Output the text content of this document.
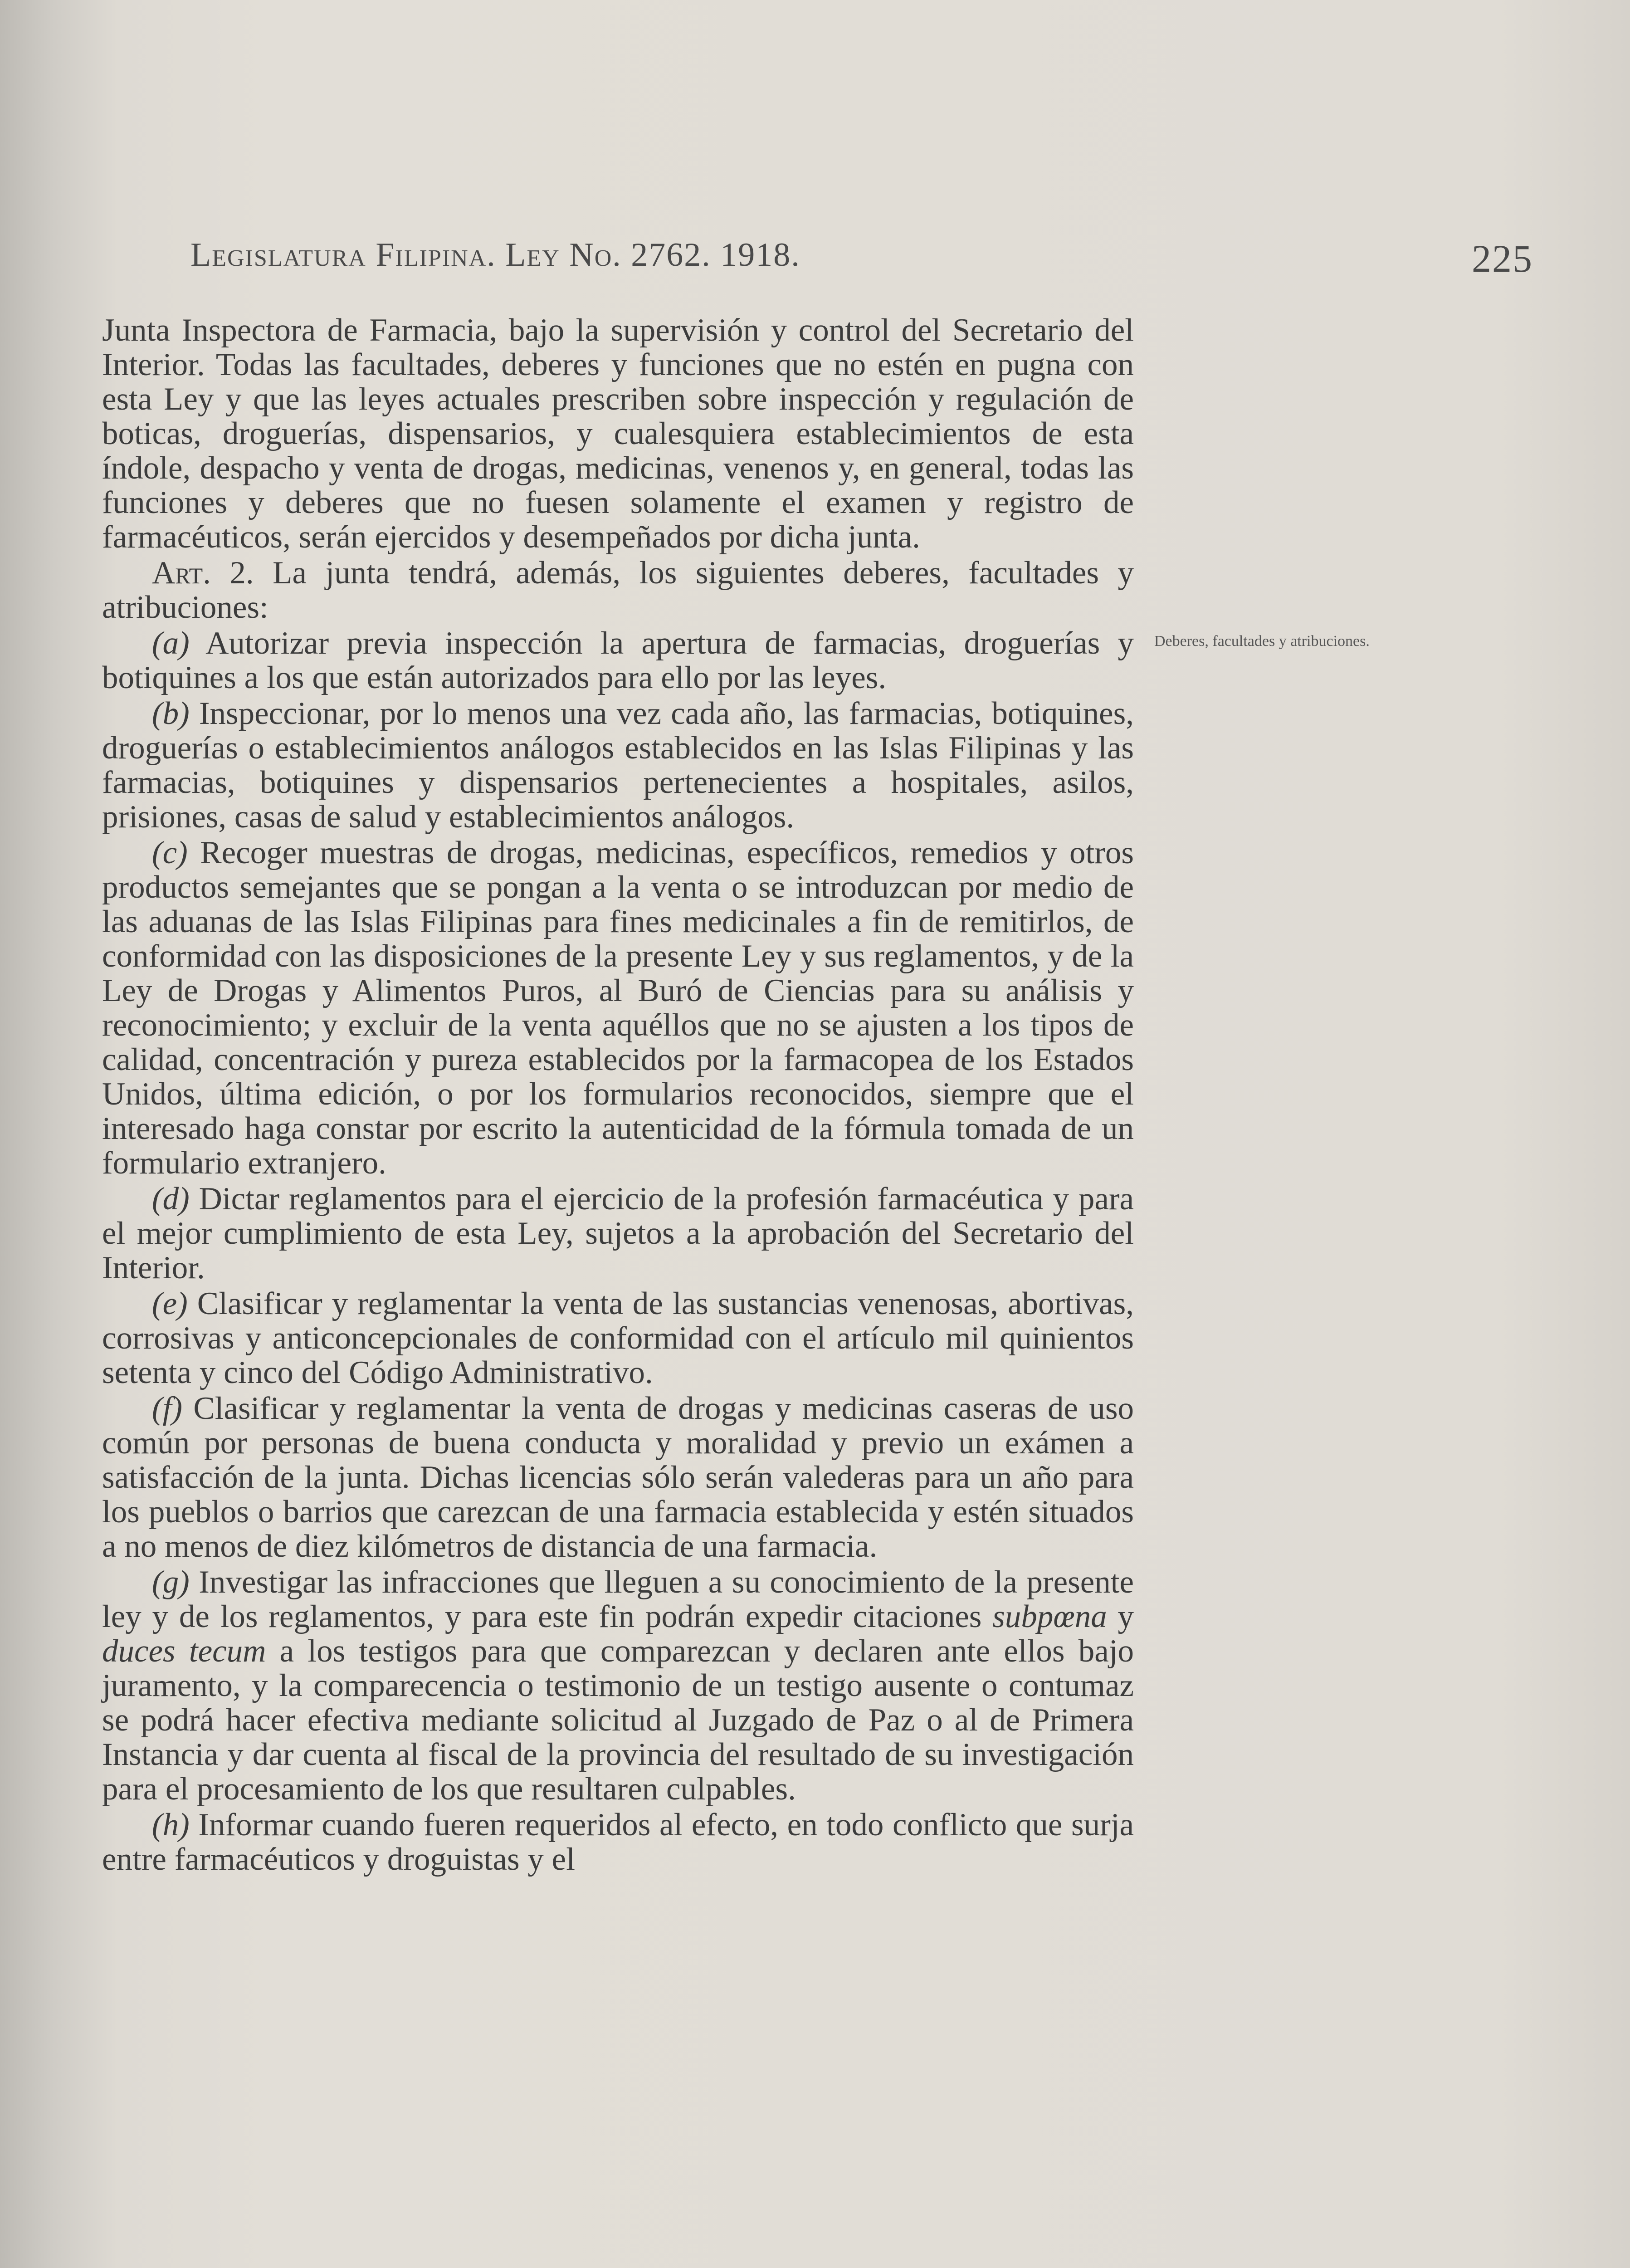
Legislatura Filipina. Ley No. 2762. 1918.	225
Deberes, facultades y atribuciones.

Junta Inspectora de Farmacia, bajo la supervisión y control del Secretario del Interior. Todas las facultades, deberes y funciones que no estén en pugna con esta Ley y que las leyes actuales prescriben sobre inspección y regulación de boticas, droguerías, dispensarios, y cualesquiera establecimientos de esta índole, despacho y venta de drogas, medicinas, venenos y, en general, todas las funciones y deberes que no fuesen solamente el examen y registro de farmacéuticos, serán ejercidos y desempeñados por dicha junta.

Art. 2. La junta tendrá, además, los siguientes deberes, facultades y atribuciones:

(a) Autorizar previa inspección la apertura de farmacias, droguerías y botiquines a los que están autorizados para ello por las leyes.

(b) Inspeccionar, por lo menos una vez cada año, las farmacias, botiquines, droguerías o establecimientos análogos establecidos en las Islas Filipinas y las farmacias, botiquines y dispensarios pertenecientes a hospitales, asilos, prisiones, casas de salud y establecimientos análogos.

(c) Recoger muestras de drogas, medicinas, específicos, remedios y otros productos semejantes que se pongan a la venta o se introduzcan por medio de las aduanas de las Islas Filipinas para fines medicinales a fin de remitirlos, de conformidad con las disposiciones de la presente Ley y sus reglamentos, y de la Ley de Drogas y Alimentos Puros, al Buró de Ciencias para su análisis y reconocimiento; y excluir de la venta aquéllos que no se ajusten a los tipos de calidad, concentración y pureza establecidos por la farmacopea de los Estados Unidos, última edición, o por los formularios reconocidos, siempre que el interesado haga constar por escrito la autenticidad de la fórmula tomada de un formulario extranjero.

(d) Dictar reglamentos para el ejercicio de la profesión farmacéutica y para el mejor cumplimiento de esta Ley, sujetos a la aprobación del Secretario del Interior.

(e) Clasificar y reglamentar la venta de las sustancias venenosas, abortivas, corrosivas y anticoncepcionales de conformidad con el artículo mil quinientos setenta y cinco del Código Administrativo.

(f) Clasificar y reglamentar la venta de drogas y medicinas caseras de uso común por personas de buena conducta y moralidad y previo un exámen a satisfacción de la junta. Dichas licencias sólo serán valederas para un año para los pueblos o barrios que carezcan de una farmacia establecida y estén situados a no menos de diez kilómetros de distancia de una farmacia.

(g) Investigar las infracciones que lleguen a su conocimiento de la presente ley y de los reglamentos, y para este fin podrán expedir citaciones subpœna y duces tecum a los testigos para que comparezcan y declaren ante ellos bajo juramento, y la comparecencia o testimonio de un testigo ausente o contumaz se podrá hacer efectiva mediante solicitud al Juzgado de Paz o al de Primera Instancia y dar cuenta al fiscal de la provincia del resultado de su investigación para el procesamiento de los que resultaren culpables.

(h) Informar cuando fueren requeridos al efecto, en todo conflicto que surja entre farmacéuticos y droguistas y el
